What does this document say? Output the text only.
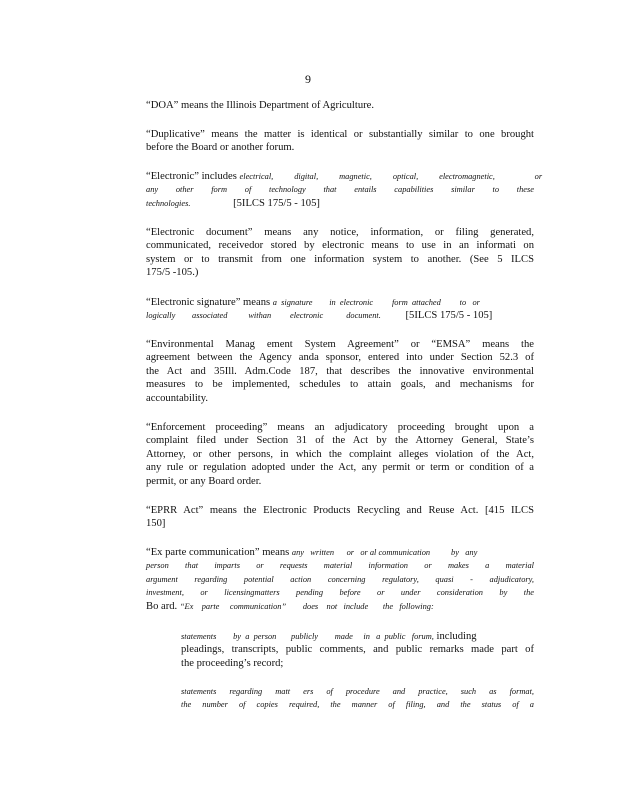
9
“DOA” means the Illinois Department of Agriculture.
“Duplicative” means the matter is identical or substantially similar to one brought
before the Board or another forum.
“Electronic” includes electrical,          digital,          magnetic,          optical,          electromagnetic,                   or
any other form of technology that entails capabilities similar to these
technologies.	[5ILCS 175/5 - 105]
“Electronic document” means any notice, information, or filing generated,
communicated, receivedor stored by electronic means to use in an informati on
system or to transmit from one information system to another. (See 5 ILCS
175/5 -105.)
“Electronic signature” means a  signature        in  electronic         form  attached         to   or
logically        associated          withan         electronic           document. [5ILCS 175/5 - 105]
“Environmental Manag ement System Agreement” or “EMSA” means the
agreement between the Agency anda sponsor, entered into under Section 52.3 of
the Act and 35Ill. Adm.Code 187, that describes the innovative environmental
measures to be implemented, schedules to attain goals, and mechanisms for
accountability.
“Enforcement proceeding” means an adjudicatory proceeding brought upon a
complaint filed under Section 31 of the Act by the Attorney General, State’s
Attorney, or other persons, in which the complaint alleges violation of the Act,
any rule or regulation adopted under the Act, any permit or term or condition of a
permit, or any Board order.
“EPRR Act” means the Electronic Products Recycling and Reuse Act. [415 ILCS
150]
“Ex parte communication” means any   written      or   or al communication          by   any
person that imparts or requests material information or makes a material
argument regarding potential action concerning regulatory, quasi - adjudicatory,
investment, or licensingmatters pending before or under consideration by the
Bo ard. “Ex    parte     communication” does    not   include       the   following:
statements        by  a  person       publicly        made     in   a  public   forum, including
pleadings, transcripts, public comments, and public remarks made part of
the proceeding’s record;
statements regarding matt ers of procedure and practice, such as format,
the number of copies required, the manner of filing, and the status of a
